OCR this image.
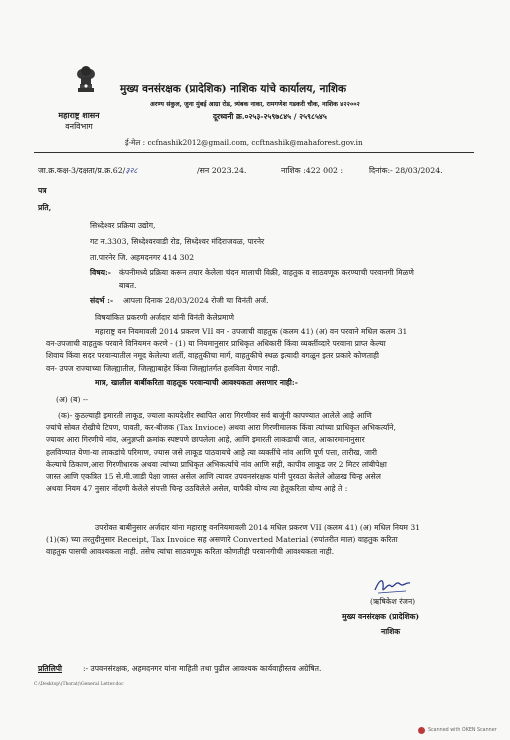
महाराष्ट्र शासन
वनविभाग
मुख्य वनसंरक्षक (प्रादेशिक) नाशिक यांचे कार्यालय, नाशिक
अरण्य संकुल, जुना मुंबई आग्रा रोड, त्र्यंबक नाका, रामगणेश गडकरी चौक, नाशिक ४२२००२
दूरध्वनी क्र.०२५३-२५९७८४५ / २५९८५४५
ई-मेल : ccfnashik2012@gmail.com, ccftnashik@mahaforest.gov.in
जा.क्र.कक्ष-3/दक्षता/प्र.क्र.62/३२८	/सन 2023.24.	नाशिक :422 002 :	दिनांक:- 28/03/2024.
पत्र
प्रति,
सिध्देश्वर प्रक्रिया उद्योग,
गट न.3303, सिध्देश्वरवाडी रोड, सिध्देश्वर मंदिराजवळ, पारनेर
ता.पारनेर जि. अहमदनगर 414 302
विषय:- कंपनीमध्ये प्रक्रिया करून तयार केलेला चंदन मालाची विक्री, वाहतुक व साठवणूक करण्याची परवानगी मिळणे
बाबत.
संदर्भ :- आपला दिनाक 28/03/2024 रोजी चा विनंती अर्ज.
विषयांकित प्रकरणी अर्जदार यांनी विनंती केलेप्रमाणे
महाराष्ट्र वन नियमावली 2014 प्रकरण VII वन - उपजाची वाहतुक (कलम 41) (अ) वन परवाने मधिल कलम 31
वन-उपजाची वाहतुक परवाने विनियमन करणे - (1) या नियमानुसार प्राधिकृत अधिकारी किंवा व्यक्तींव्दारे परवाना प्राप्त केल्या
शिवाय किंवा सदर परवान्यातील नमूद केलेल्या शर्ती, वाहतुकीचा मार्ग, वाहतुकीचे स्थळ इत्यादी वगळून इतर प्रकारे कोणताही
वन- उपज राज्याच्या जिल्ह्यातील, जिल्ह्याबाहेर किंवा जिल्ह्यांतर्गत हलविता येणार नाही.
मात्र, खालील बाबींकरिता वाहतूक परवान्याची आवश्यकता असणार नाही:-
(अ) (ब) --
(क)- कुठल्याही इमारती लाकूड, ज्याला कायदेशीर स्थापित आरा गिरणीवर सर्व बाजूंनी कापण्यात आलेले आहे आणि
ज्यांचे सोबत रोखीचे टिपण, पावती, कर-बीजक (Tax Invioce) अथवा आरा गिरणीमालक किंवा त्यांच्या प्राधिकृत अभिकर्त्यांने,
ज्यावर आरा गिरणीचे नांव, अनुज्ञप्ती क्रमांक स्पष्टपणे छापलेला आहे, आणि इमारती लाकडाची जात, आकारमानानुसार
हलविण्यात येणा-या लाकडांचे परिमाण, ज्यास जसे लाकूड पाठवायचे आहे त्या व्यक्तींचे नांव आणि पूर्ण पत्ता, तारीख, जारी
केल्याचे ठिकाण,आरा गिरणीधारक अथवा त्यांच्या प्राधिकृत अभिकर्त्याचे नांव आणि सही, कापीव लाकूड जर 2 मिटर लांबीपेक्षा
जास्त आणि एकत्रित 15 से.मी.जाडी पेक्षा जास्त असेल आणि त्यावर उपवनसंरक्षक यांनी पुरवठा केलेले ओळख चिन्ह असेल
अथवा नियम 47 नुसार नोंदणी केलेले संपत्ती चिन्ह उठविलेले असेल, यापैकी योग्य त्या हेतूकरिता योग्य आहे ते :
उपरोक्त बाबीनुसार अर्जदार यांना महाराष्ट्र वननियमावली 2014 मधिल प्रकरण VII (कलम 41) (अ) मधिल नियम 31
(1)(क) च्या तरतुदीनुसार Receipt, Tax Invoice सह असणारे Converted Material (रुपांतरीत माल) वाहतुक करिता
वाहतुक पासची आवश्यकता नाही. तसेच त्यांचा साठवणूक करिता कोणतीही परवानगीची आवश्यकता नाही.
(ऋषिकेश रंजन)
मुख्य वनसंरक्षक (प्रादेशिक)
नाशिक
प्रतिलिपी	:- उपवनसंरक्षक, अहमदनगर यांना माहिती तथा पुढील आवश्यक कार्यवाहीस्तव अग्रेषित.
C:\Desktop\(Thorat)\General Letter.doc
Scanned with OKEN Scanner
